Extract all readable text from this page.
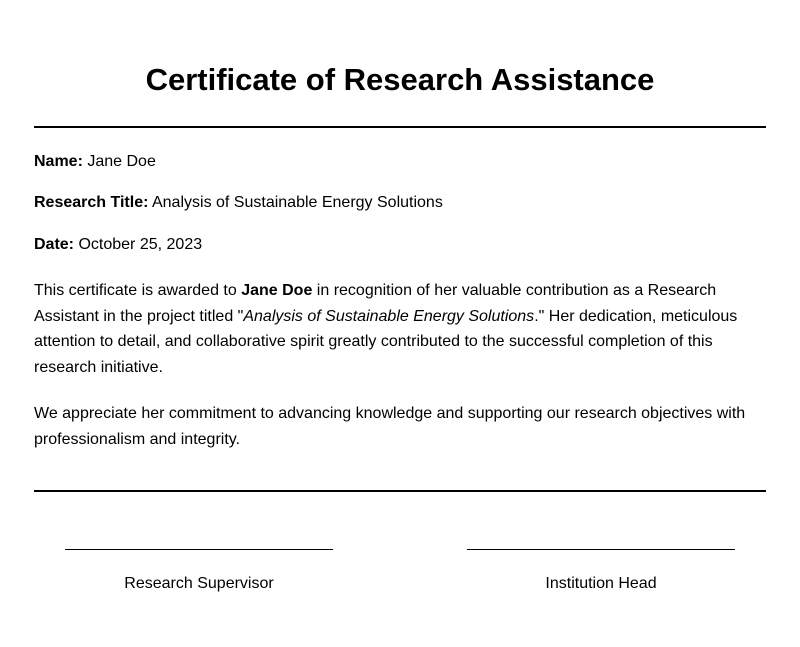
Certificate of Research Assistance
Name: Jane Doe
Research Title: Analysis of Sustainable Energy Solutions
Date: October 25, 2023

This certificate is awarded to Jane Doe in recognition of her valuable contribution as a Research Assistant in the project titled "Analysis of Sustainable Energy Solutions." Her dedication, meticulous attention to detail, and collaborative spirit greatly contributed to the successful completion of this research initiative.

We appreciate her commitment to advancing knowledge and supporting our research objectives with professionalism and integrity.

Research Supervisor	Institution Head
